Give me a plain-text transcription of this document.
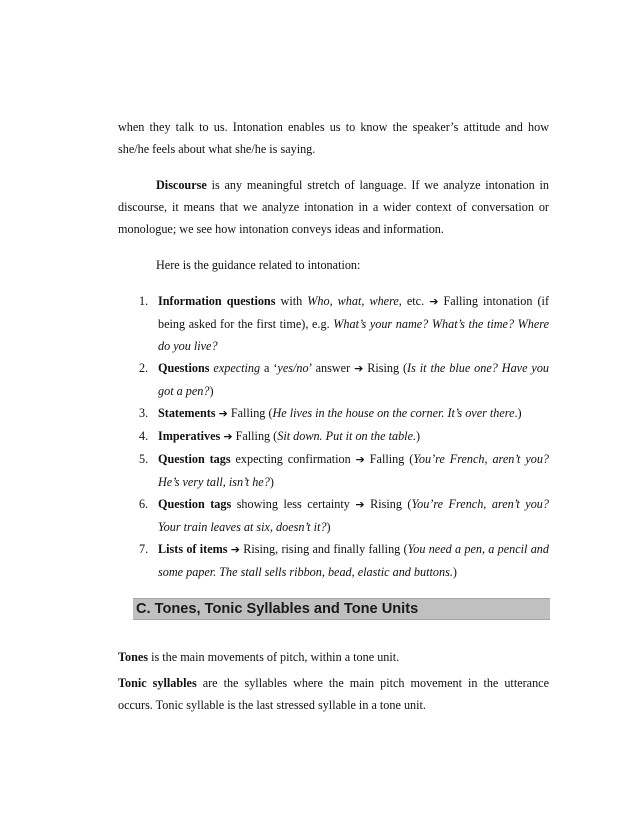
when they talk to us. Intonation enables us to know the speaker’s attitude and how she/he feels about what she/he is saying.

Discourse is any meaningful stretch of language. If we analyze intonation in discourse, it means that we analyze intonation in a wider context of conversation or monologue; we see how intonation conveys ideas and information.

Here is the guidance related to intonation:

1. Information questions with Who, what, where, etc. ➔ Falling intonation (if being asked for the first time), e.g. What’s your name? What’s the time? Where do you live?
2. Questions expecting a ‘yes/no’ answer ➔ Rising (Is it the blue one? Have you got a pen?)
3. Statements ➔ Falling (He lives in the house on the corner. It’s over there.)
4. Imperatives ➔ Falling (Sit down. Put it on the table.)
5. Question tags expecting confirmation ➔ Falling (You’re French, aren’t you? He’s very tall, isn’t he?)
6. Question tags showing less certainty ➔ Rising (You’re French, aren’t you? Your train leaves at six, doesn’t it?)
7. Lists of items ➔ Rising, rising and finally falling (You need a pen, a pencil and some paper. The stall sells ribbon, bead, elastic and buttons.)
C. Tones, Tonic Syllables and Tone Units

Tones is the main movements of pitch, within a tone unit.

Tonic syllables are the syllables where the main pitch movement in the utterance occurs. Tonic syllable is the last stressed syllable in a tone unit.
